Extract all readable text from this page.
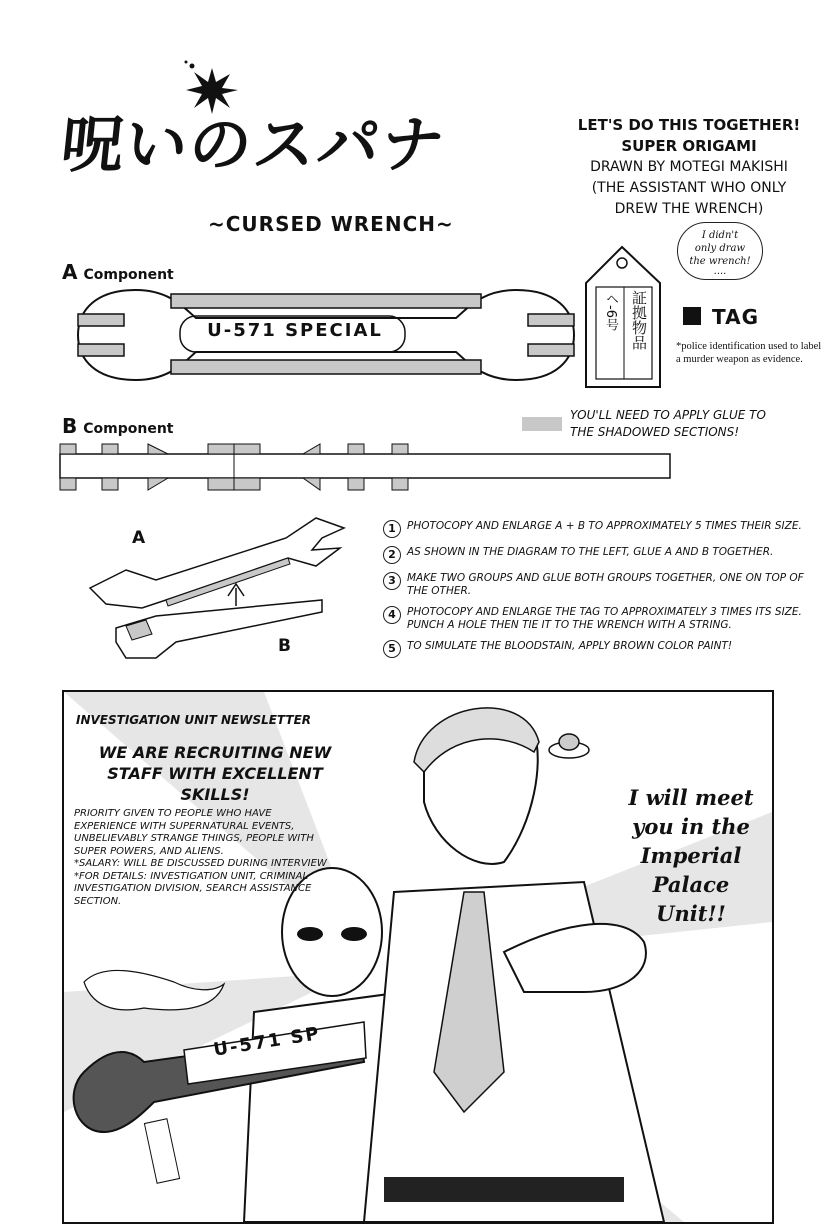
呪いのスパナ
~CURSED WRENCH~
LET'S DO THIS TOGETHER!
SUPER ORIGAMI
DRAWN BY MOTEGI MAKISHI
(THE ASSISTANT WHO ONLY
DREW THE WRENCH)
I didn't
only draw
the wrench!
····
A Component
U-571 SPECIAL	証拠物品
ヘ-6号	TAG
*police identification used to label a murder weapon as evidence.
B Component
YOU'LL NEED TO APPLY GLUE TO
THE SHADOWED SECTIONS!
A
B
1	PHOTOCOPY AND ENLARGE A + B TO APPROXIMATELY 5 TIMES THEIR SIZE.
2	AS SHOWN IN THE DIAGRAM TO THE LEFT, GLUE A AND B TOGETHER.
3	MAKE TWO GROUPS AND GLUE BOTH GROUPS TOGETHER, ONE ON TOP OF THE OTHER.
4	PHOTOCOPY AND ENLARGE THE TAG TO APPROXIMATELY 3 TIMES ITS SIZE. PUNCH A HOLE THEN TIE IT TO THE WRENCH WITH A STRING.
5	TO SIMULATE THE BLOODSTAIN, APPLY BROWN COLOR PAINT!
U-571 SP
INVESTIGATION UNIT NEWSLETTER
WE ARE RECRUITING NEW STAFF WITH EXCELLENT SKILLS!
PRIORITY GIVEN TO PEOPLE WHO HAVE EXPERIENCE WITH SUPERNATURAL EVENTS, UNBELIEVABLY STRANGE THINGS, PEOPLE WITH SUPER POWERS, AND ALIENS.
*SALARY: WILL BE DISCUSSED DURING INTERVIEW
*FOR DETAILS: INVESTIGATION UNIT, CRIMINAL INVESTIGATION DIVISION, SEARCH ASSISTANCE SECTION.
I will meet you in the Imperial Palace Unit!!
